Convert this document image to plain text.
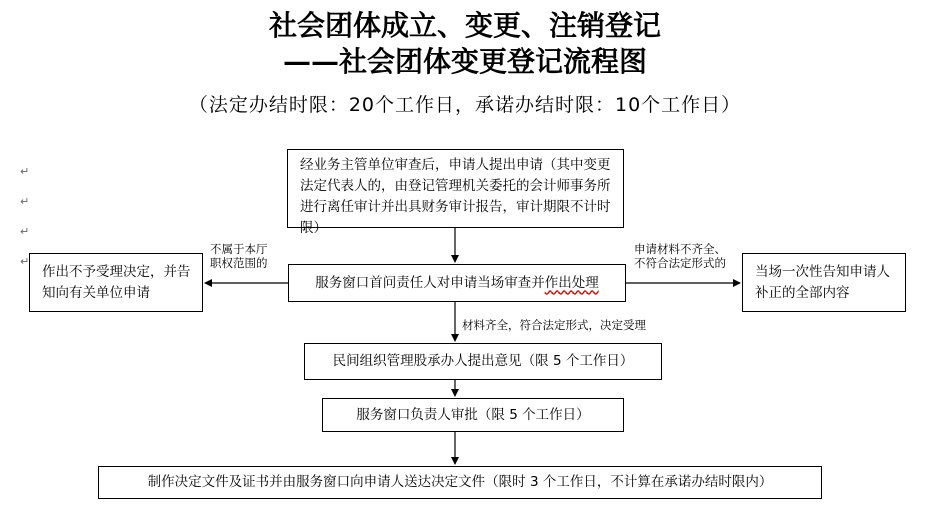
社会团体成立、变更、注销登记
——社会团体变更登记流程图
（法定办结时限：20个工作日，承诺办结时限：10个工作日）
↵
↵
↵
↵
经业务主管单位审查后，申请人提出申请（其中变更法定代表人的，由登记管理机关委托的会计师事务所进行离任审计并出具财务审计报告，审计期限不计时限）
服务窗口首问责任人对申请当场审查并作出处理
作出不予受理决定，并告知向有关单位申请
当场一次性告知申请人补正的全部内容
民间组织管理股承办人提出意见（限 5 个工作日）
服务窗口负责人审批（限 5 个工作日）
制作决定文件及证书并由服务窗口向申请人送达决定文件（限时 3 个工作日，不计算在承诺办结时限内）
不属于本厅
职权范围的
申请材料不齐全、
不符合法定形式的
材料齐全，符合法定形式，决定受理
